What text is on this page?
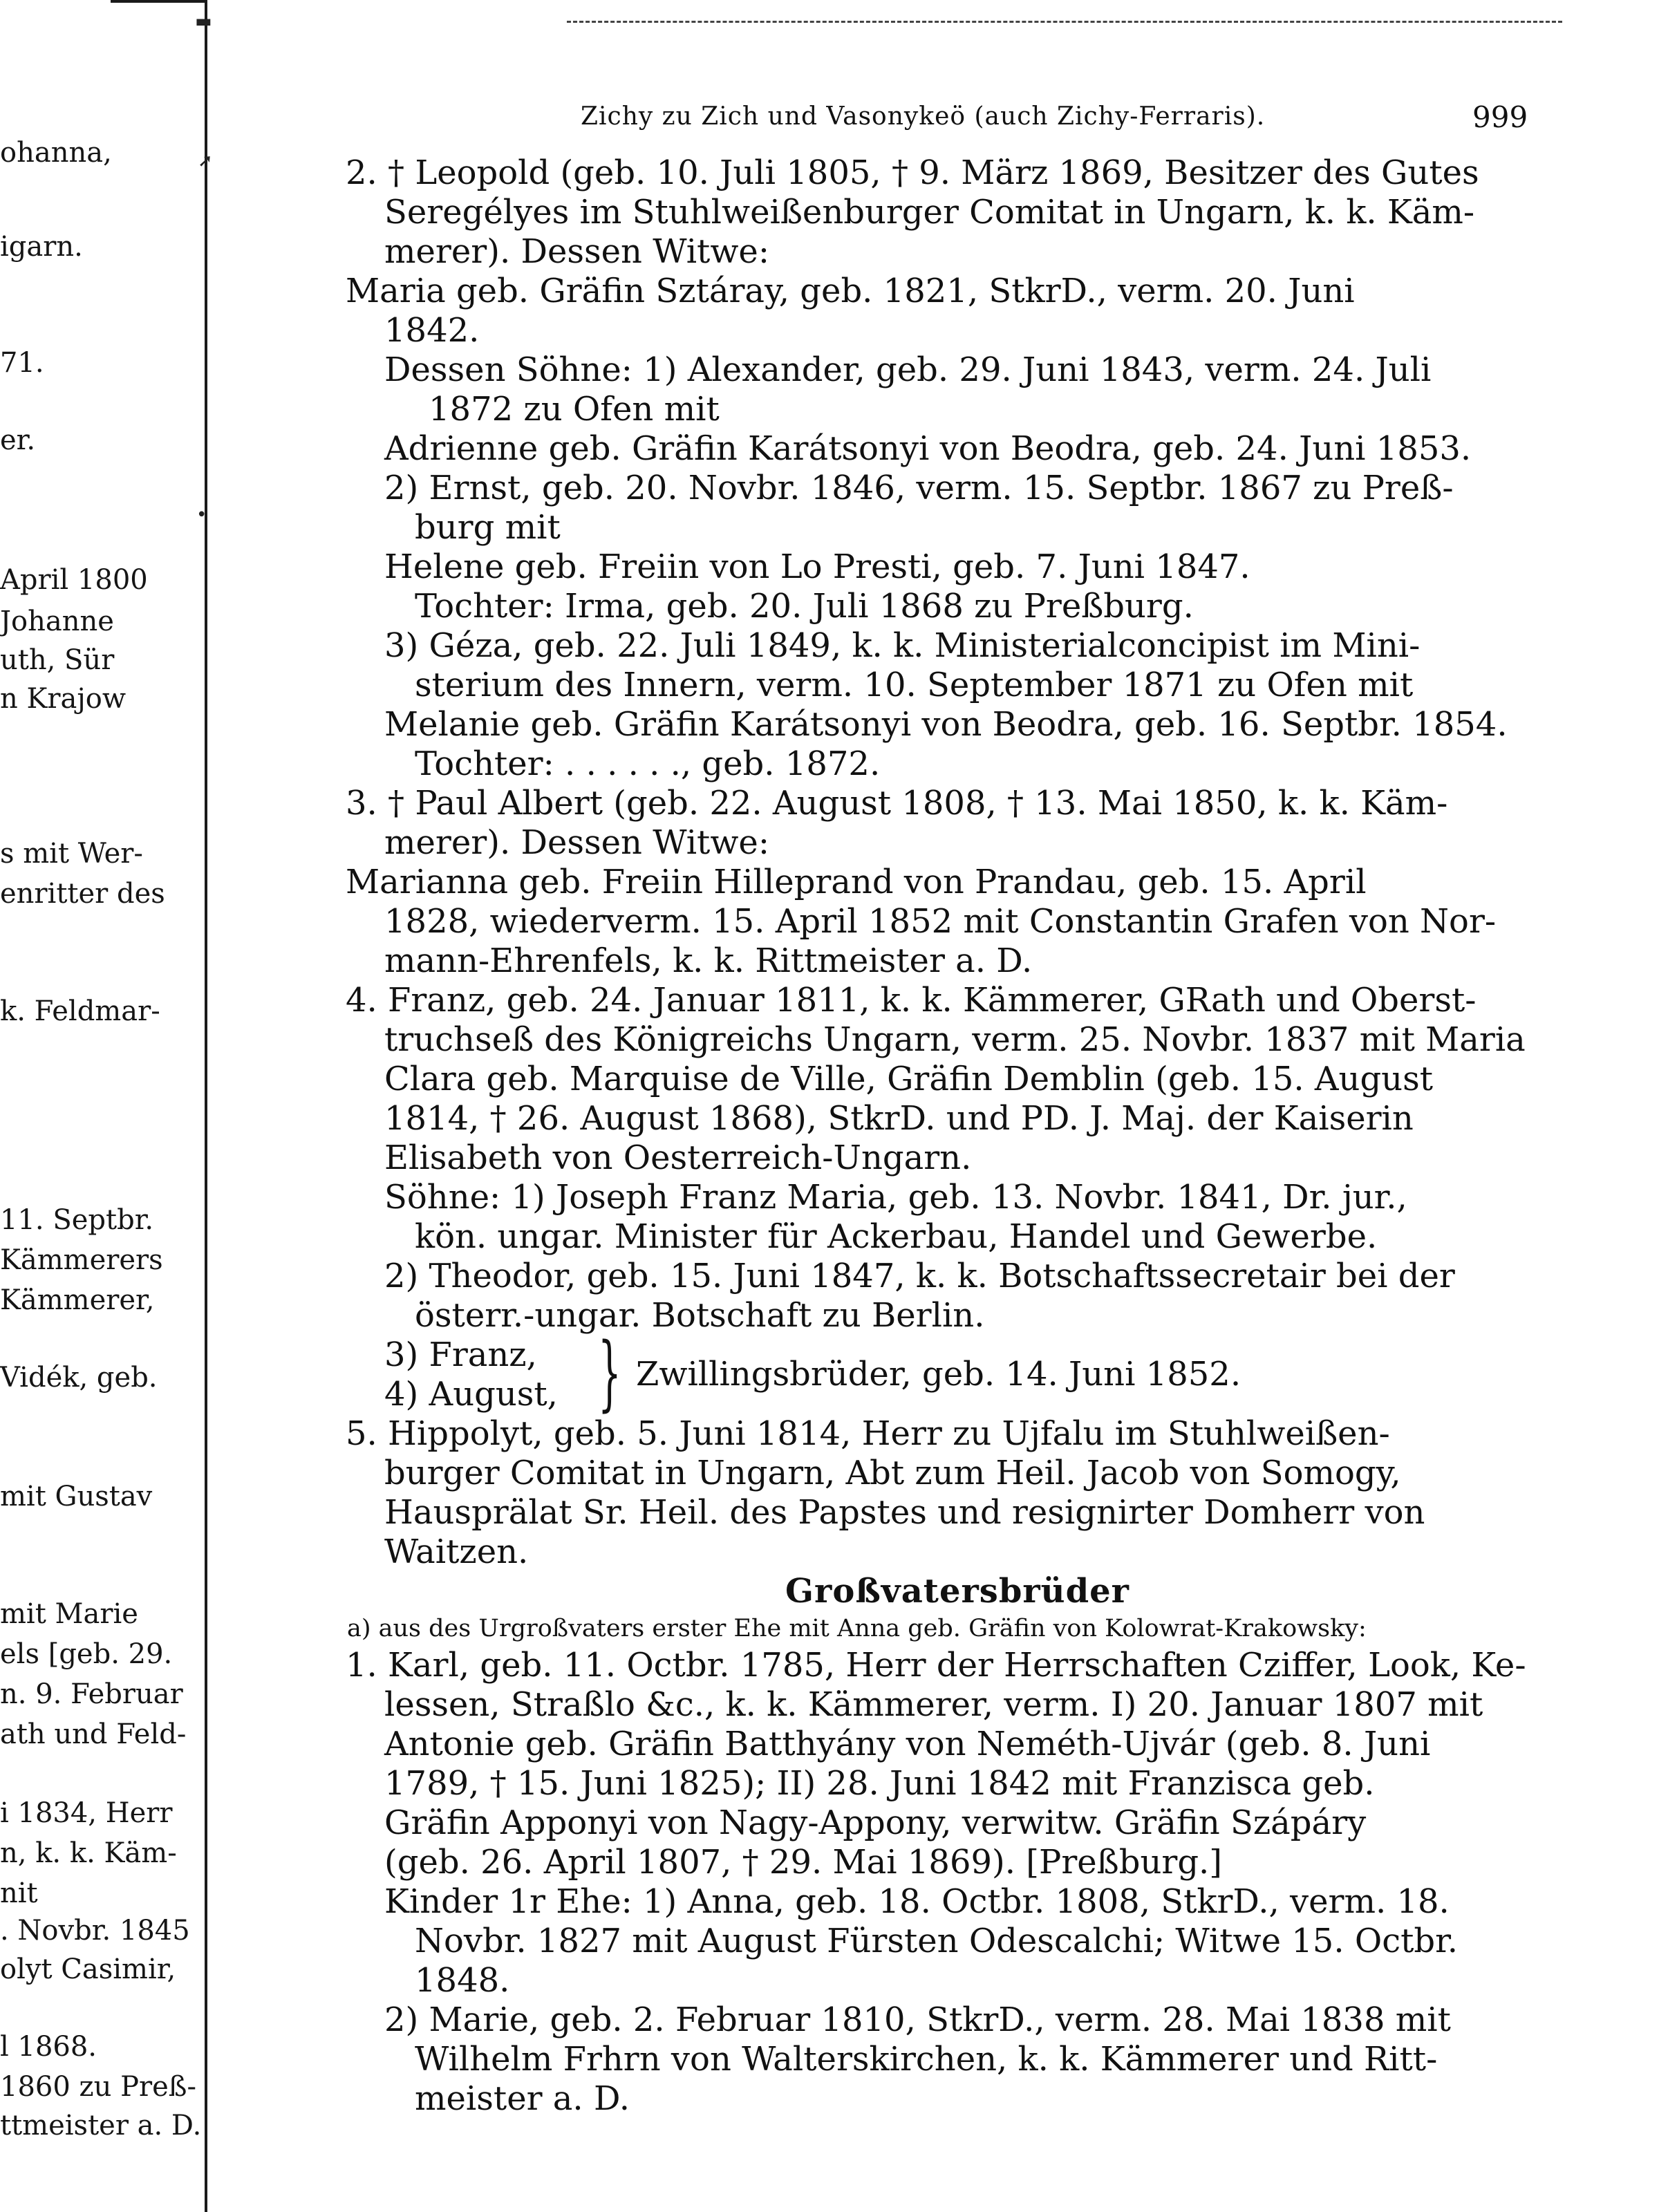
ohanna,
igarn.
71.
er.
April 1800
Johanne
uth, Sür
n Krajow
s mit Wer-
enritter des
k. Feldmar-
11. Septbr.
Kämmerers
Kämmerer,
Vidék, geb.
mit Gustav
mit Marie
els [geb. 29.
n. 9. Februar
ath und Feld-
i 1834, Herr
n, k. k. Käm-
nit
. Novbr. 1845
olyt Casimir,
l 1868.
1860 zu Preß-
ttmeister a. D.
▬
➚
•
Zichy zu Zich und Vasonykeö (auch Zichy-Ferraris).	999
2. † Leopold (geb. 10. Juli 1805, † 9. März 1869, Besitzer des Gutes
Seregélyes im Stuhlweißenburger Comitat in Ungarn, k. k. Käm-
merer). Dessen Witwe:
Maria geb. Gräfin Sztáray, geb. 1821, StkrD., verm. 20. Juni
1842.
Dessen Söhne: 1) Alexander, geb. 29. Juni 1843, verm. 24. Juli
1872 zu Ofen mit
Adrienne geb. Gräfin Karátsonyi von Beodra, geb. 24. Juni 1853.
2) Ernst, geb. 20. Novbr. 1846, verm. 15. Septbr. 1867 zu Preß-
burg mit
Helene geb. Freiin von Lo Presti, geb. 7. Juni 1847.
Tochter: Irma, geb. 20. Juli 1868 zu Preßburg.
3) Géza, geb. 22. Juli 1849, k. k. Ministerialconcipist im Mini-
sterium des Innern, verm. 10. September 1871 zu Ofen mit
Melanie geb. Gräfin Karátsonyi von Beodra, geb. 16. Septbr. 1854.
Tochter: . . . . . ., geb. 1872.
3. † Paul Albert (geb. 22. August 1808, † 13. Mai 1850, k. k. Käm-
merer). Dessen Witwe:
Marianna geb. Freiin Hilleprand von Prandau, geb. 15. April
1828, wiederverm. 15. April 1852 mit Constantin Grafen von Nor-
mann-Ehrenfels, k. k. Rittmeister a. D.
4. Franz, geb. 24. Januar 1811, k. k. Kämmerer, GRath und Oberst-
truchseß des Königreichs Ungarn, verm. 25. Novbr. 1837 mit Maria
Clara geb. Marquise de Ville, Gräfin Demblin (geb. 15. August
1814, † 26. August 1868), StkrD. und PD. J. Maj. der Kaiserin
Elisabeth von Oesterreich-Ungarn.
Söhne: 1) Joseph Franz Maria, geb. 13. Novbr. 1841, Dr. jur.,
kön. ungar. Minister für Ackerbau, Handel und Gewerbe.
2) Theodor, geb. 15. Juni 1847, k. k. Botschaftssecretair bei der
österr.-ungar. Botschaft zu Berlin.
3) Franz,
4) August, } Zwillingsbrüder, geb. 14. Juni 1852.
5. Hippolyt, geb. 5. Juni 1814, Herr zu Ujfalu im Stuhlweißen-
burger Comitat in Ungarn, Abt zum Heil. Jacob von Somogy,
Hausprälat Sr. Heil. des Papstes und resignirter Domherr von
Waitzen.
Großvatersbrüder
a) aus des Urgroßvaters erster Ehe mit Anna geb. Gräfin von Kolowrat-Krakowsky:
1. Karl, geb. 11. Octbr. 1785, Herr der Herrschaften Cziffer, Look, Ke-
lessen, Straßlo &c., k. k. Kämmerer, verm. I) 20. Januar 1807 mit
Antonie geb. Gräfin Batthyány von Neméth-Ujvár (geb. 8. Juni
1789, † 15. Juni 1825); II) 28. Juni 1842 mit Franzisca geb.
Gräfin Apponyi von Nagy-Appony, verwitw. Gräfin Szápáry
(geb. 26. April 1807, † 29. Mai 1869). [Preßburg.]
Kinder 1r Ehe: 1) Anna, geb. 18. Octbr. 1808, StkrD., verm. 18.
Novbr. 1827 mit August Fürsten Odescalchi; Witwe 15. Octbr.
1848.
2) Marie, geb. 2. Februar 1810, StkrD., verm. 28. Mai 1838 mit
Wilhelm Frhrn von Walterskirchen, k. k. Kämmerer und Ritt-
meister a. D.
